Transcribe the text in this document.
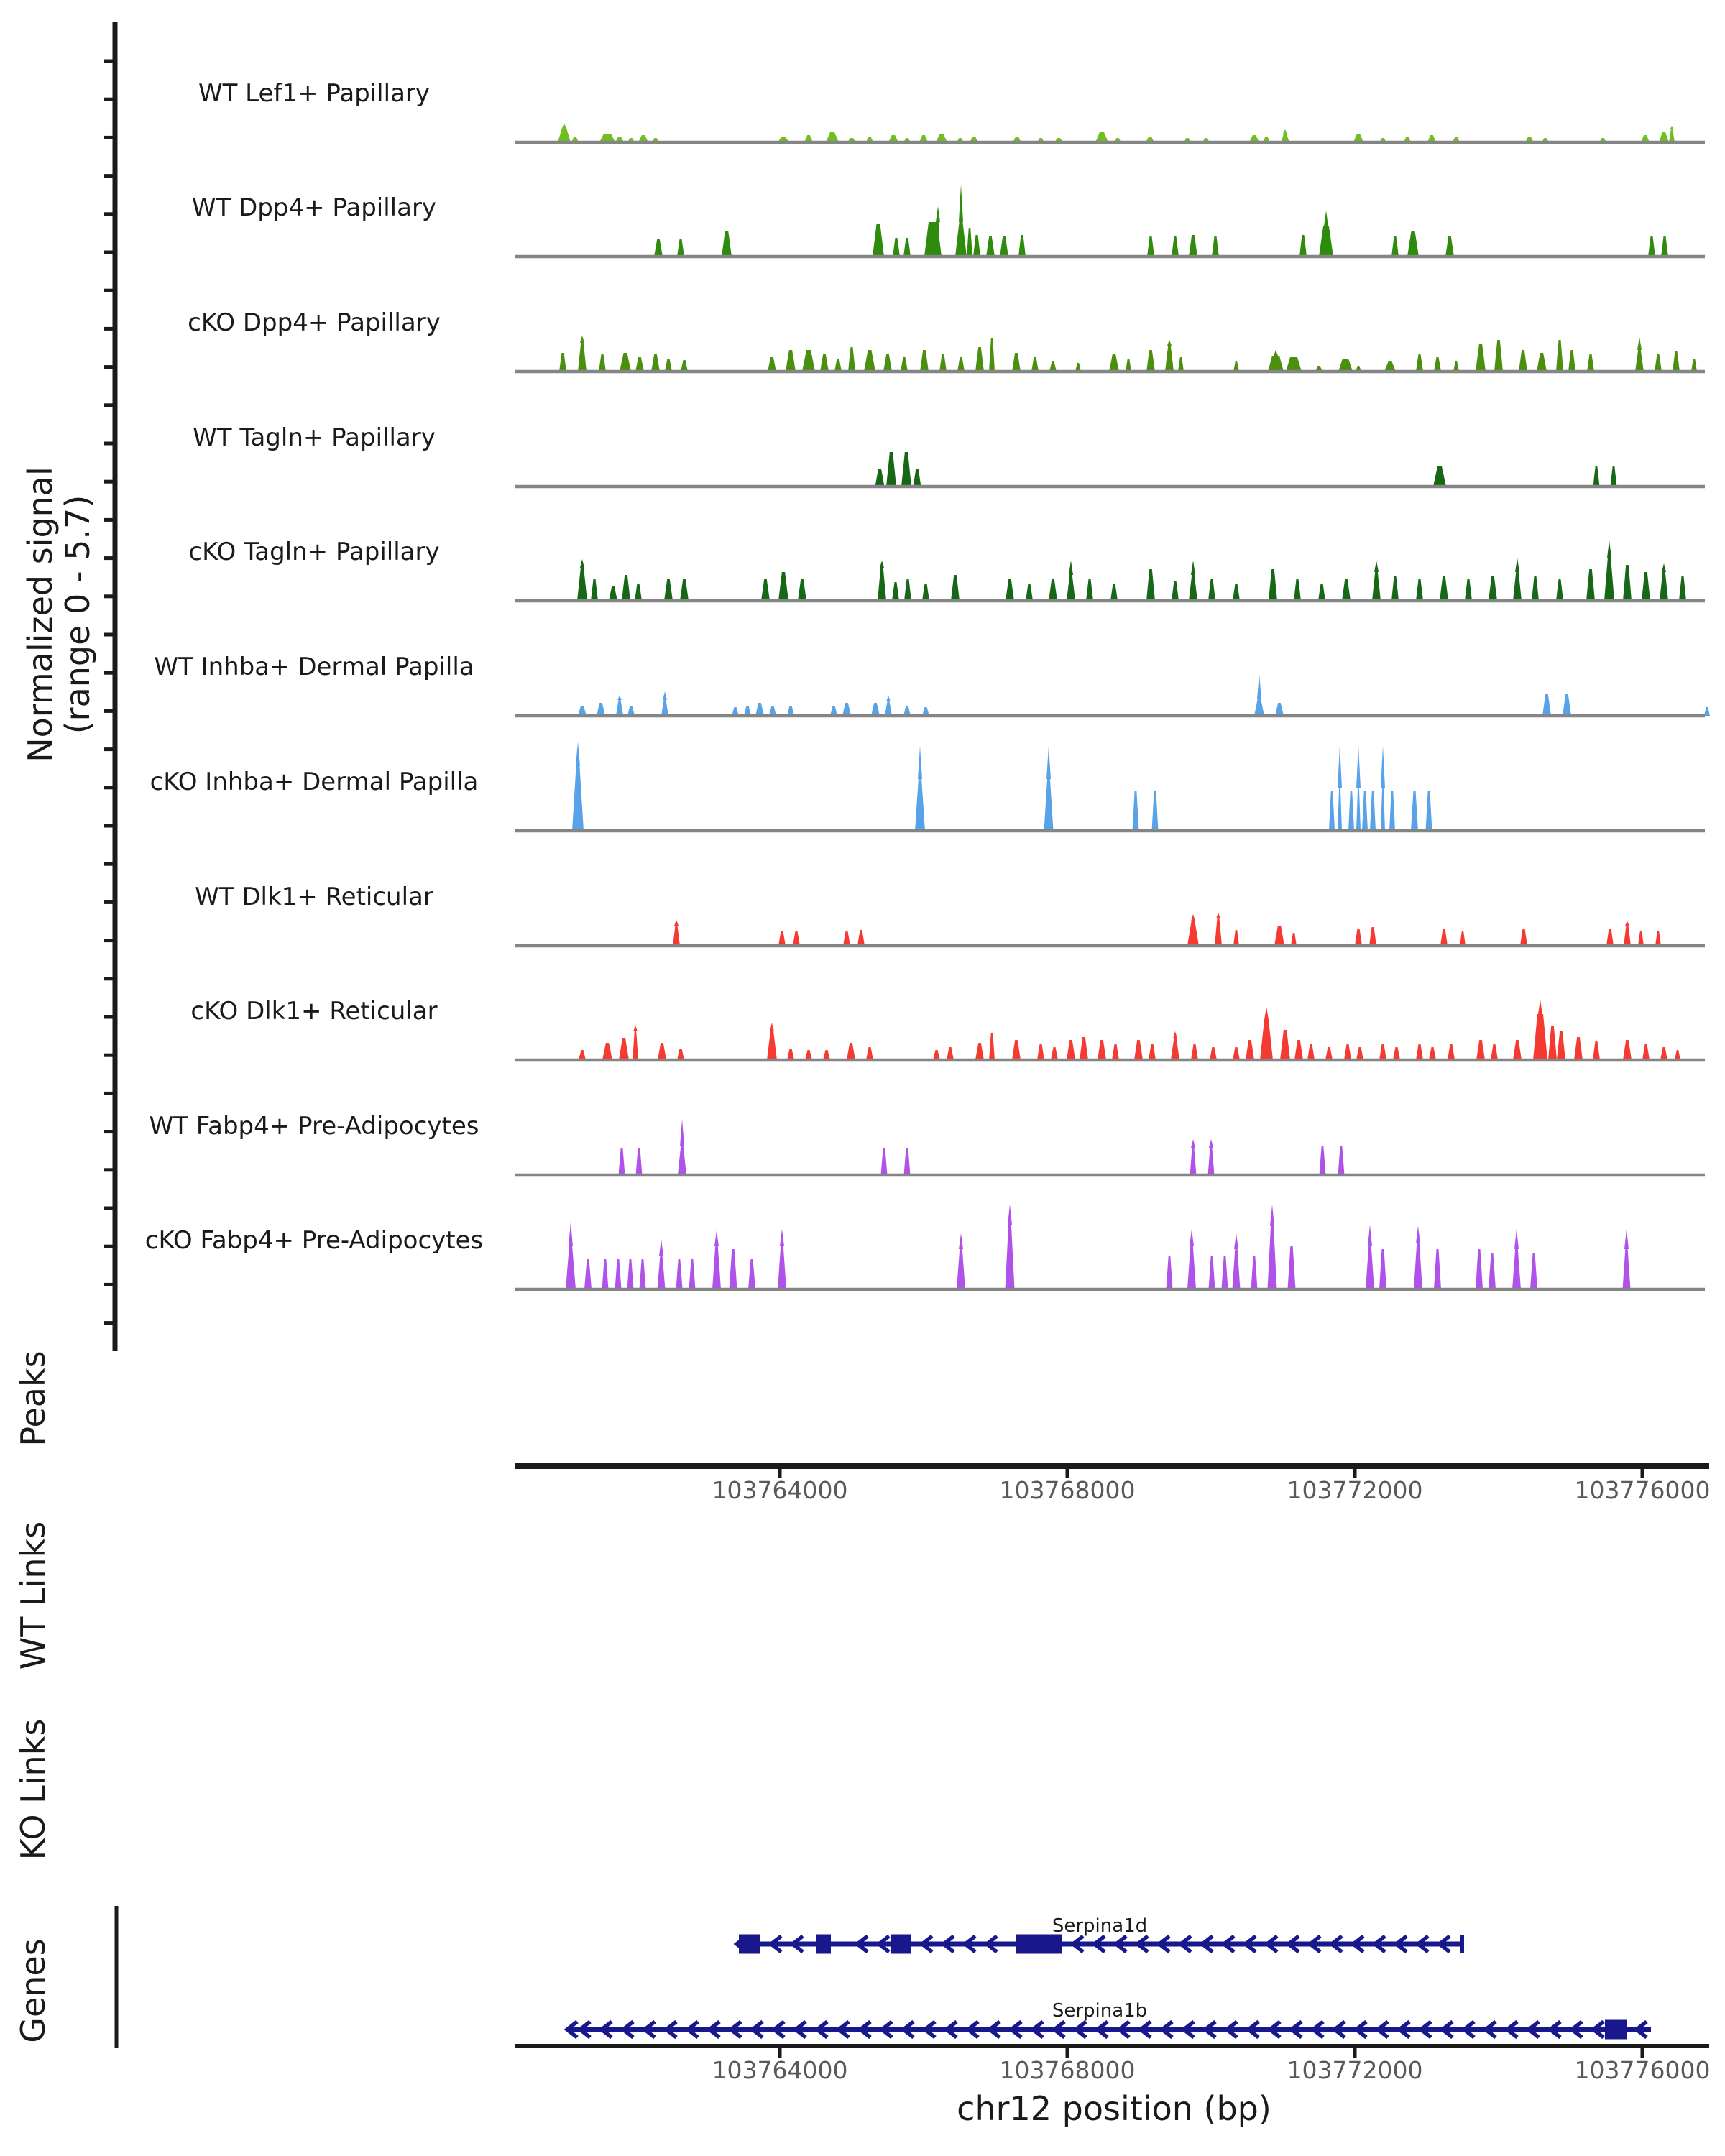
Normalized signal
(range 0 - 5.7)
Peaks
WT Links
KO Links
Genes
WT Lef1+ Papillary
WT Dpp4+ Papillary
cKO Dpp4+ Papillary
WT Tagln+ Papillary
cKO Tagln+ Papillary
WT Inhba+ Dermal Papilla
cKO Inhba+ Dermal Papilla
WT Dlk1+ Reticular
cKO Dlk1+ Reticular
WT Fabp4+ Pre-Adipocytes
cKO Fabp4+ Pre-Adipocytes
103764000	103768000	103772000	103776000
Serpina1d
Serpina1b
103764000	103768000	103772000	103776000
chr12 position (bp)
